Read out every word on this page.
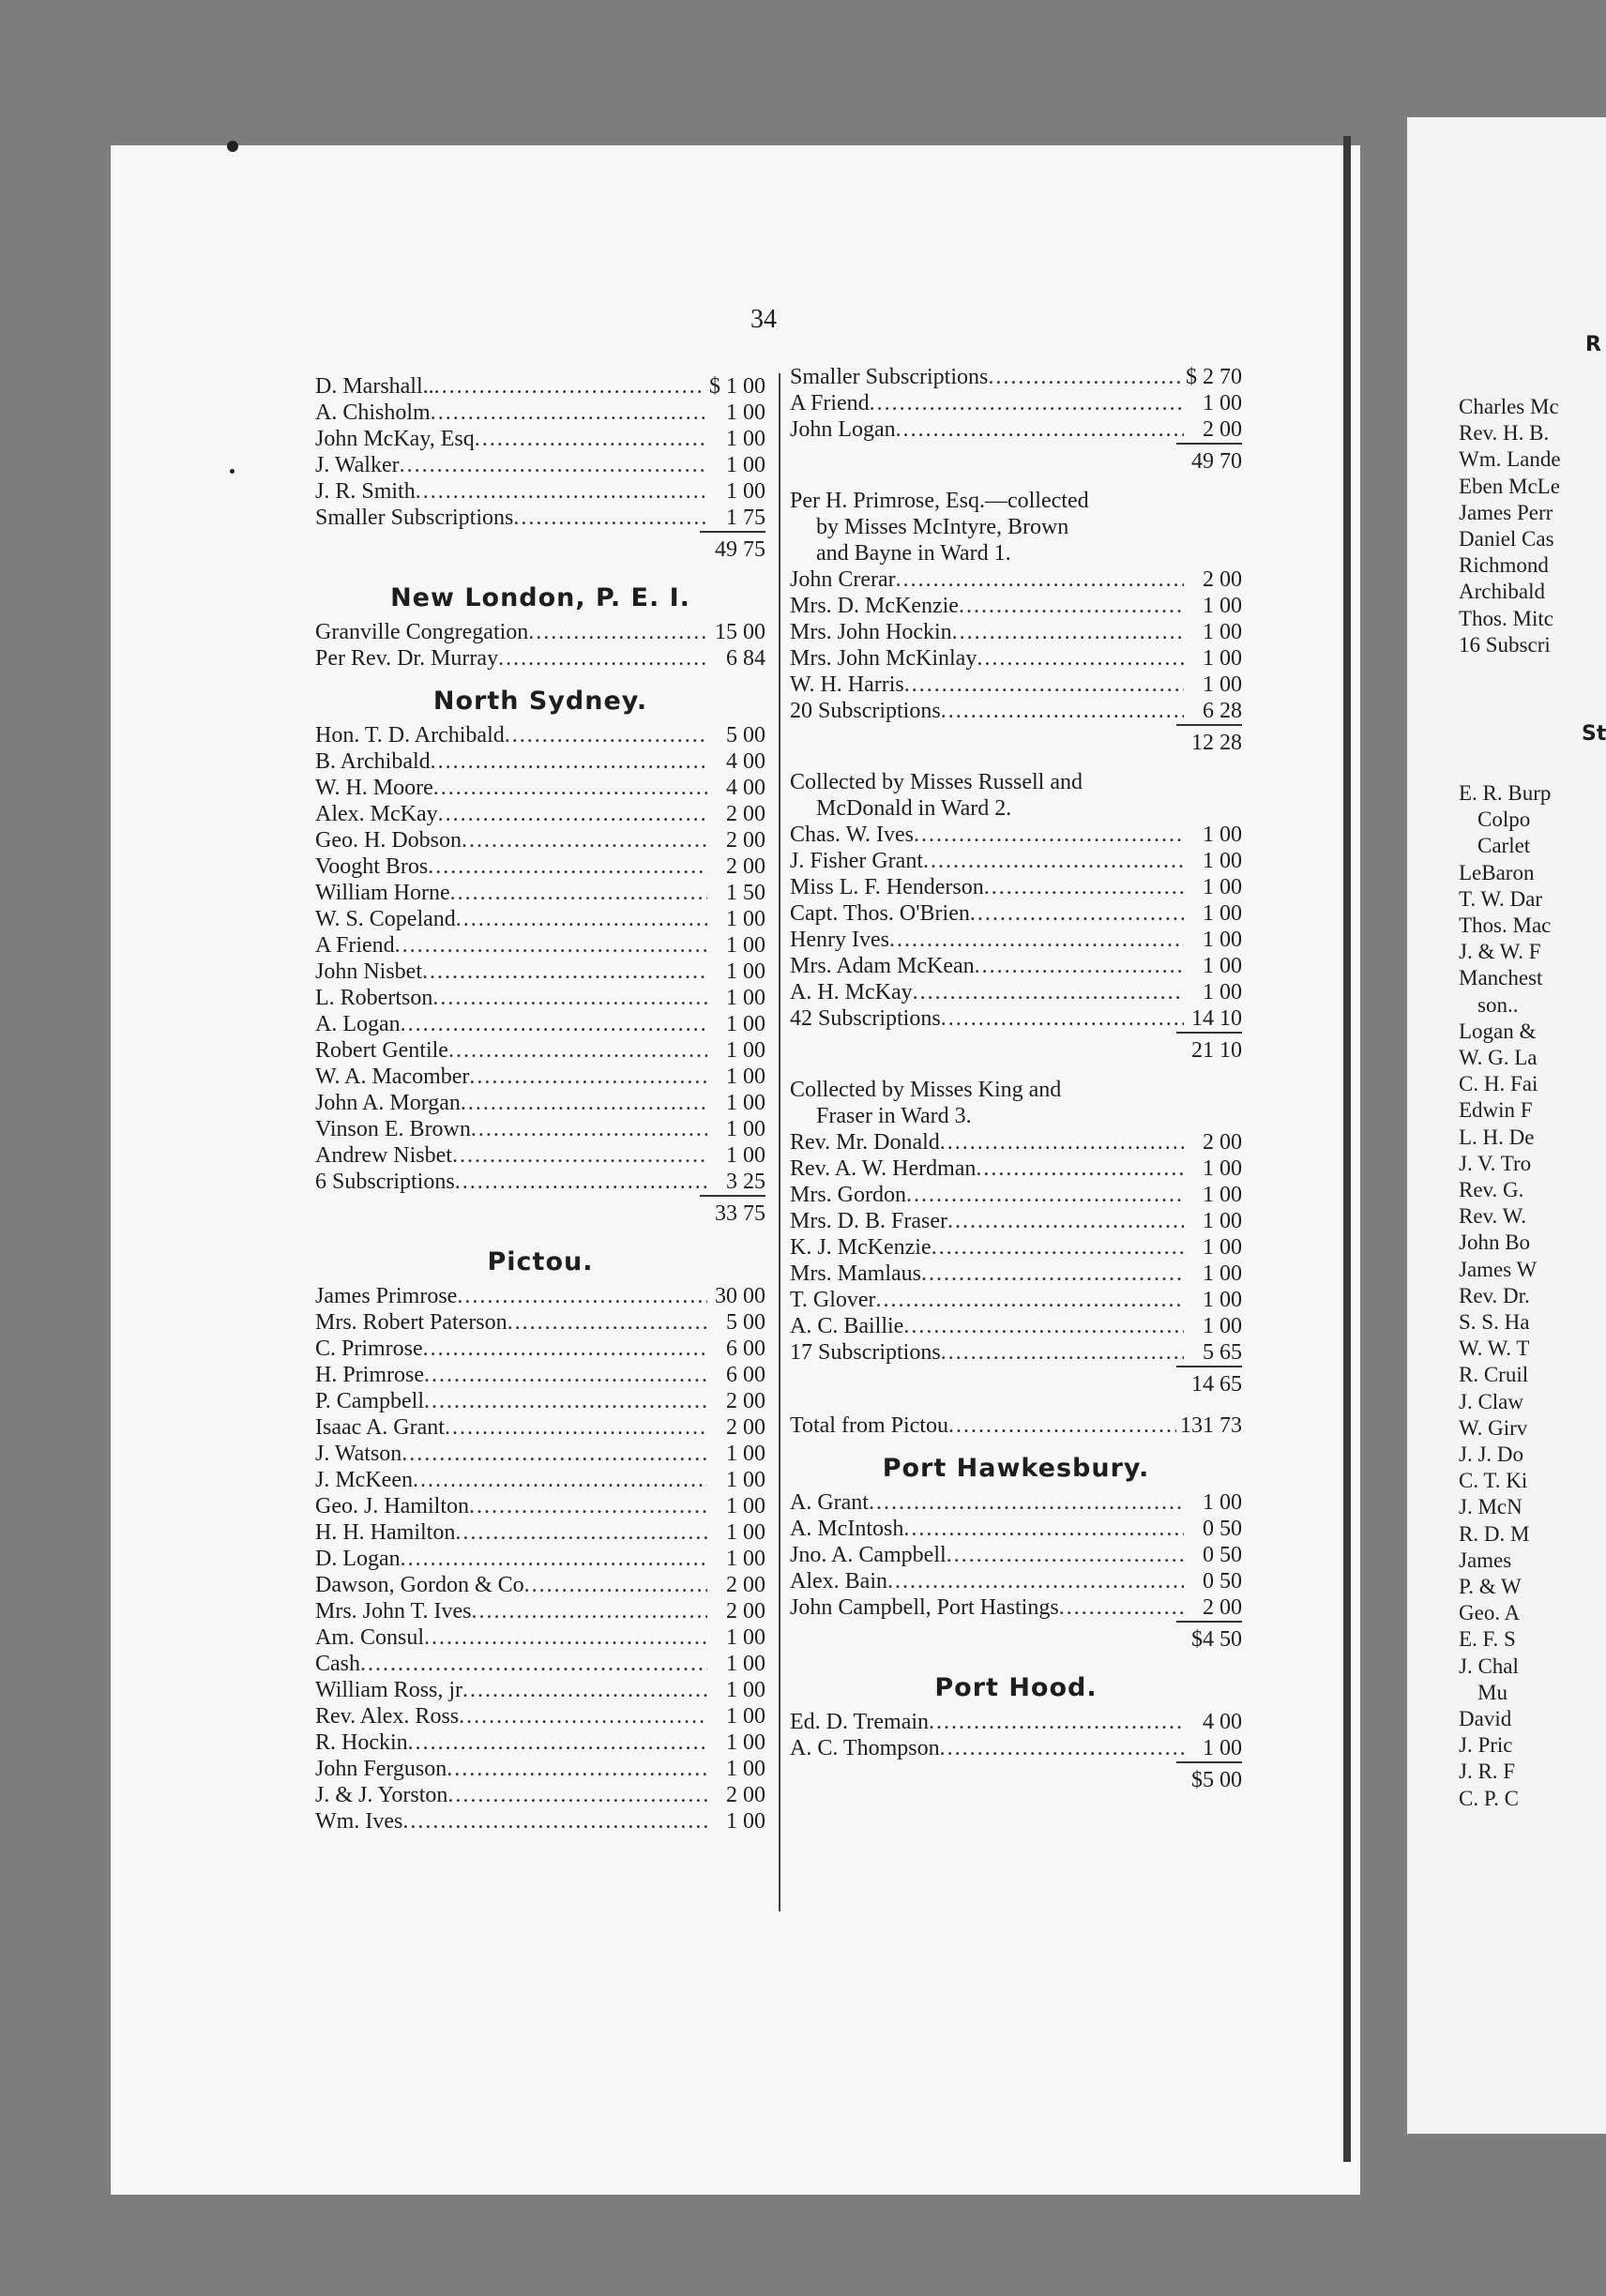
34
D. Marshall.. .....	$ 1 00
A. Chisholm .....	1 00
John McKay, Esq .....	1 00
J. Walker .....	1 00
J. R. Smith .....	1 00
Smaller Subscriptions .....	1 75
49 75
New London, P. E. I.
Granville Congregation .....	15 00
Per Rev. Dr. Murray .....	6 84
North Sydney.
Hon. T. D. Archibald .....	5 00
B. Archibald .....	4 00
W. H. Moore .....	4 00
Alex. McKay .....	2 00
Geo. H. Dobson .....	2 00
Vooght Bros .....	2 00
William Horne .....	1 50
W. S. Copeland .....	1 00
A Friend .....	1 00
John Nisbet .....	1 00
L. Robertson .....	1 00
A. Logan .....	1 00
Robert Gentile .....	1 00
W. A. Macomber .....	1 00
John A. Morgan .....	1 00
Vinson E. Brown .....	1 00
Andrew Nisbet .....	1 00
6 Subscriptions .....	3 25
33 75
Pictou.
James Primrose .....	30 00
Mrs. Robert Paterson .....	5 00
C. Primrose .....	6 00
H. Primrose .....	6 00
P. Campbell .....	2 00
Isaac A. Grant .....	2 00
J. Watson .....	1 00
J. McKeen .....	1 00
Geo. J. Hamilton .....	1 00
H. H. Hamilton .....	1 00
D. Logan .....	1 00
Dawson, Gordon & Co .....	2 00
Mrs. John T. Ives .....	2 00
Am. Consul .....	1 00
Cash .....	1 00
William Ross, jr .....	1 00
Rev. Alex. Ross .....	1 00
R. Hockin .....	1 00
John Ferguson .....	1 00
J. & J. Yorston .....	2 00
Wm. Ives .....	1 00
Smaller Subscriptions .....	$ 2 70
A Friend .....	1 00
John Logan .....	2 00
49 70
Per H. Primrose, Esq.—collected
by Misses McIntyre, Brown
and Bayne in Ward 1.
John Crerar .....	2 00
Mrs. D. McKenzie .....	1 00
Mrs. John Hockin .....	1 00
Mrs. John McKinlay .....	1 00
W. H. Harris .....	1 00
20 Subscriptions .....	6 28
12 28
Collected by Misses Russell and
McDonald in Ward 2.
Chas. W. Ives .....	1 00
J. Fisher Grant .....	1 00
Miss L. F. Henderson .....	1 00
Capt. Thos. O'Brien .....	1 00
Henry Ives .....	1 00
Mrs. Adam McKean .....	1 00
A. H. McKay .....	1 00
42 Subscriptions .....	14 10
21 10
Collected by Misses King and
Fraser in Ward 3.
Rev. Mr. Donald .....	2 00
Rev. A. W. Herdman .....	1 00
Mrs. Gordon .....	1 00
Mrs. D. B. Fraser .....	1 00
K. J. McKenzie .....	1 00
Mrs. Mamlaus .....	1 00
T. Glover .....	1 00
A. C. Baillie .....	1 00
17 Subscriptions .....	5 65
14 65
Total from Pictou .....	131 73
Port Hawkesbury.
A. Grant .....	1 00
A. McIntosh .....	0 50
Jno. A. Campbell .....	0 50
Alex. Bain .....	0 50
John Campbell, Port Hastings .....	2 00
$4 50
Port Hood.
Ed. D. Tremain .....	4 00
A. C. Thompson .....	1 00
$5 00
R
St
Charles Mc
Rev. H. B.
Wm. Lande
Eben McLe
James Perr
Daniel Cas
Richmond
Archibald
Thos. Mitc
16 Subscri
E. R. Burp
Colpo
Carlet
LeBaron
T. W. Dar
Thos. Mac
J. & W. F
Manchest
son..
Logan &
W. G. La
C. H. Fai
Edwin F
L. H. De
J. V. Tro
Rev. G.
Rev. W.
John Bo
James W
Rev. Dr.
S. S. Ha
W. W. T
R. Cruil
J. Claw
W. Girv
J. J. Do
C. T. Ki
J. McN
R. D. M
James
P. & W
Geo. A
E. F. S
J. Chal
Mu
David
J. Pric
J. R. F
C. P. C
